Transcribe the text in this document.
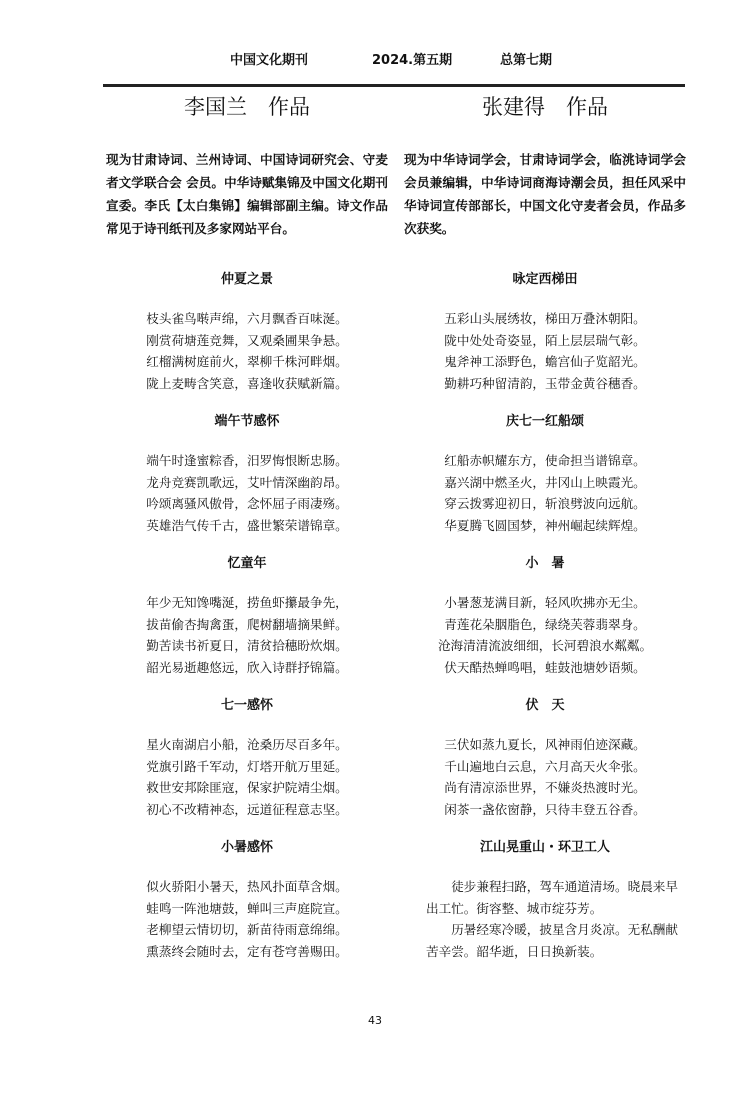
中国文化期刊	2024.第五期	总第七期
李国兰　作品
现为甘肃诗词、兰州诗词、中国诗词研究会、守麦者文学联合会 会员。中华诗赋集锦及中国文化期刊宣委。李氏【太白集锦】编辑部副主编。诗文作品常见于诗刊纸刊及多家网站平台。
仲夏之景
枝头雀鸟啭声绵，六月飘香百味涎。
刚赏荷塘莲竞舞，又观桑圃果争悬。
红榴满树庭前火，翠柳千株河畔烟。
陇上麦畴含笑意，喜逢收获赋新篇。
端午节感怀
端午时逢蜜粽香，汨罗悔恨断忠肠。
龙舟竞赛凯歌远，艾叶情深幽韵昂。
吟颂离骚风傲骨，念怀屈子雨凄殇。
英雄浩气传千古，盛世繁荣谱锦章。
忆童年
年少无知馋嘴涎，捞鱼虾攥最争先，
拔苗偷杏掏禽蛋，爬树翻墙摘果鲜。
勤苦读书祈夏日，清贫拾穗盼炊烟。
韶光易逝趣悠远，欣入诗群抒锦篇。
七一感怀
星火南湖启小船，沧桑历尽百多年。
党旗引路千军动，灯塔开航万里延。
救世安邦除匪寇，保家护院靖尘烟。
初心不改精神态，远道征程意志坚。
小暑感怀
似火骄阳小暑天，热风扑面草含烟。
蛙鸣一阵池塘鼓，蝉叫三声庭院宣。
老柳望云情切切，新苗待雨意绵绵。
熏蒸终会随时去，定有苍穹善赐田。
张建得　作品
现为中华诗词学会，甘肃诗词学会，临洮诗词学会会员兼编辑，中华诗词商海诗潮会员，担任风采中华诗词宣传部部长，中国文化守麦者会员，作品多次获奖。
咏定西梯田
五彩山头展绣妆，梯田万叠沐朝阳。
陇中处处奇姿显，陌上层层瑞气彰。
鬼斧神工添野色，蟾宫仙子览韶光。
勤耕巧种留清韵，玉带金黄谷穗香。
庆七一红船颂
红船赤帜耀东方，使命担当谱锦章。
嘉兴湖中燃圣火，井冈山上映霞光。
穿云拨雾迎初日，斩浪劈波向远航。
华夏腾飞圆国梦，神州崛起续辉煌。
小　暑
小暑葱茏满目新，轻风吹拂亦无尘。
青莲花朵胭脂色，绿绕芙蓉翡翠身。
沧海清清流波细细，长河碧浪水粼粼。
伏天酷热蝉鸣唱，蛙鼓池塘妙语频。
伏　天
三伏如蒸九夏长，风神雨伯迹深藏。
千山遍地白云息，六月高天火伞张。
尚有清凉添世界，不嫌炎热渡时光。
闲茶一盏依窗静，只待丰登五谷香。
江山晃重山・环卫工人
徒步兼程扫路，驾车通道清场。晓晨来早出工忙。街容整、城市绽芬芳。
历暑经寒冷暖，披星含月炎凉。无私酬献苦辛尝。韶华逝，日日换新装。
43
